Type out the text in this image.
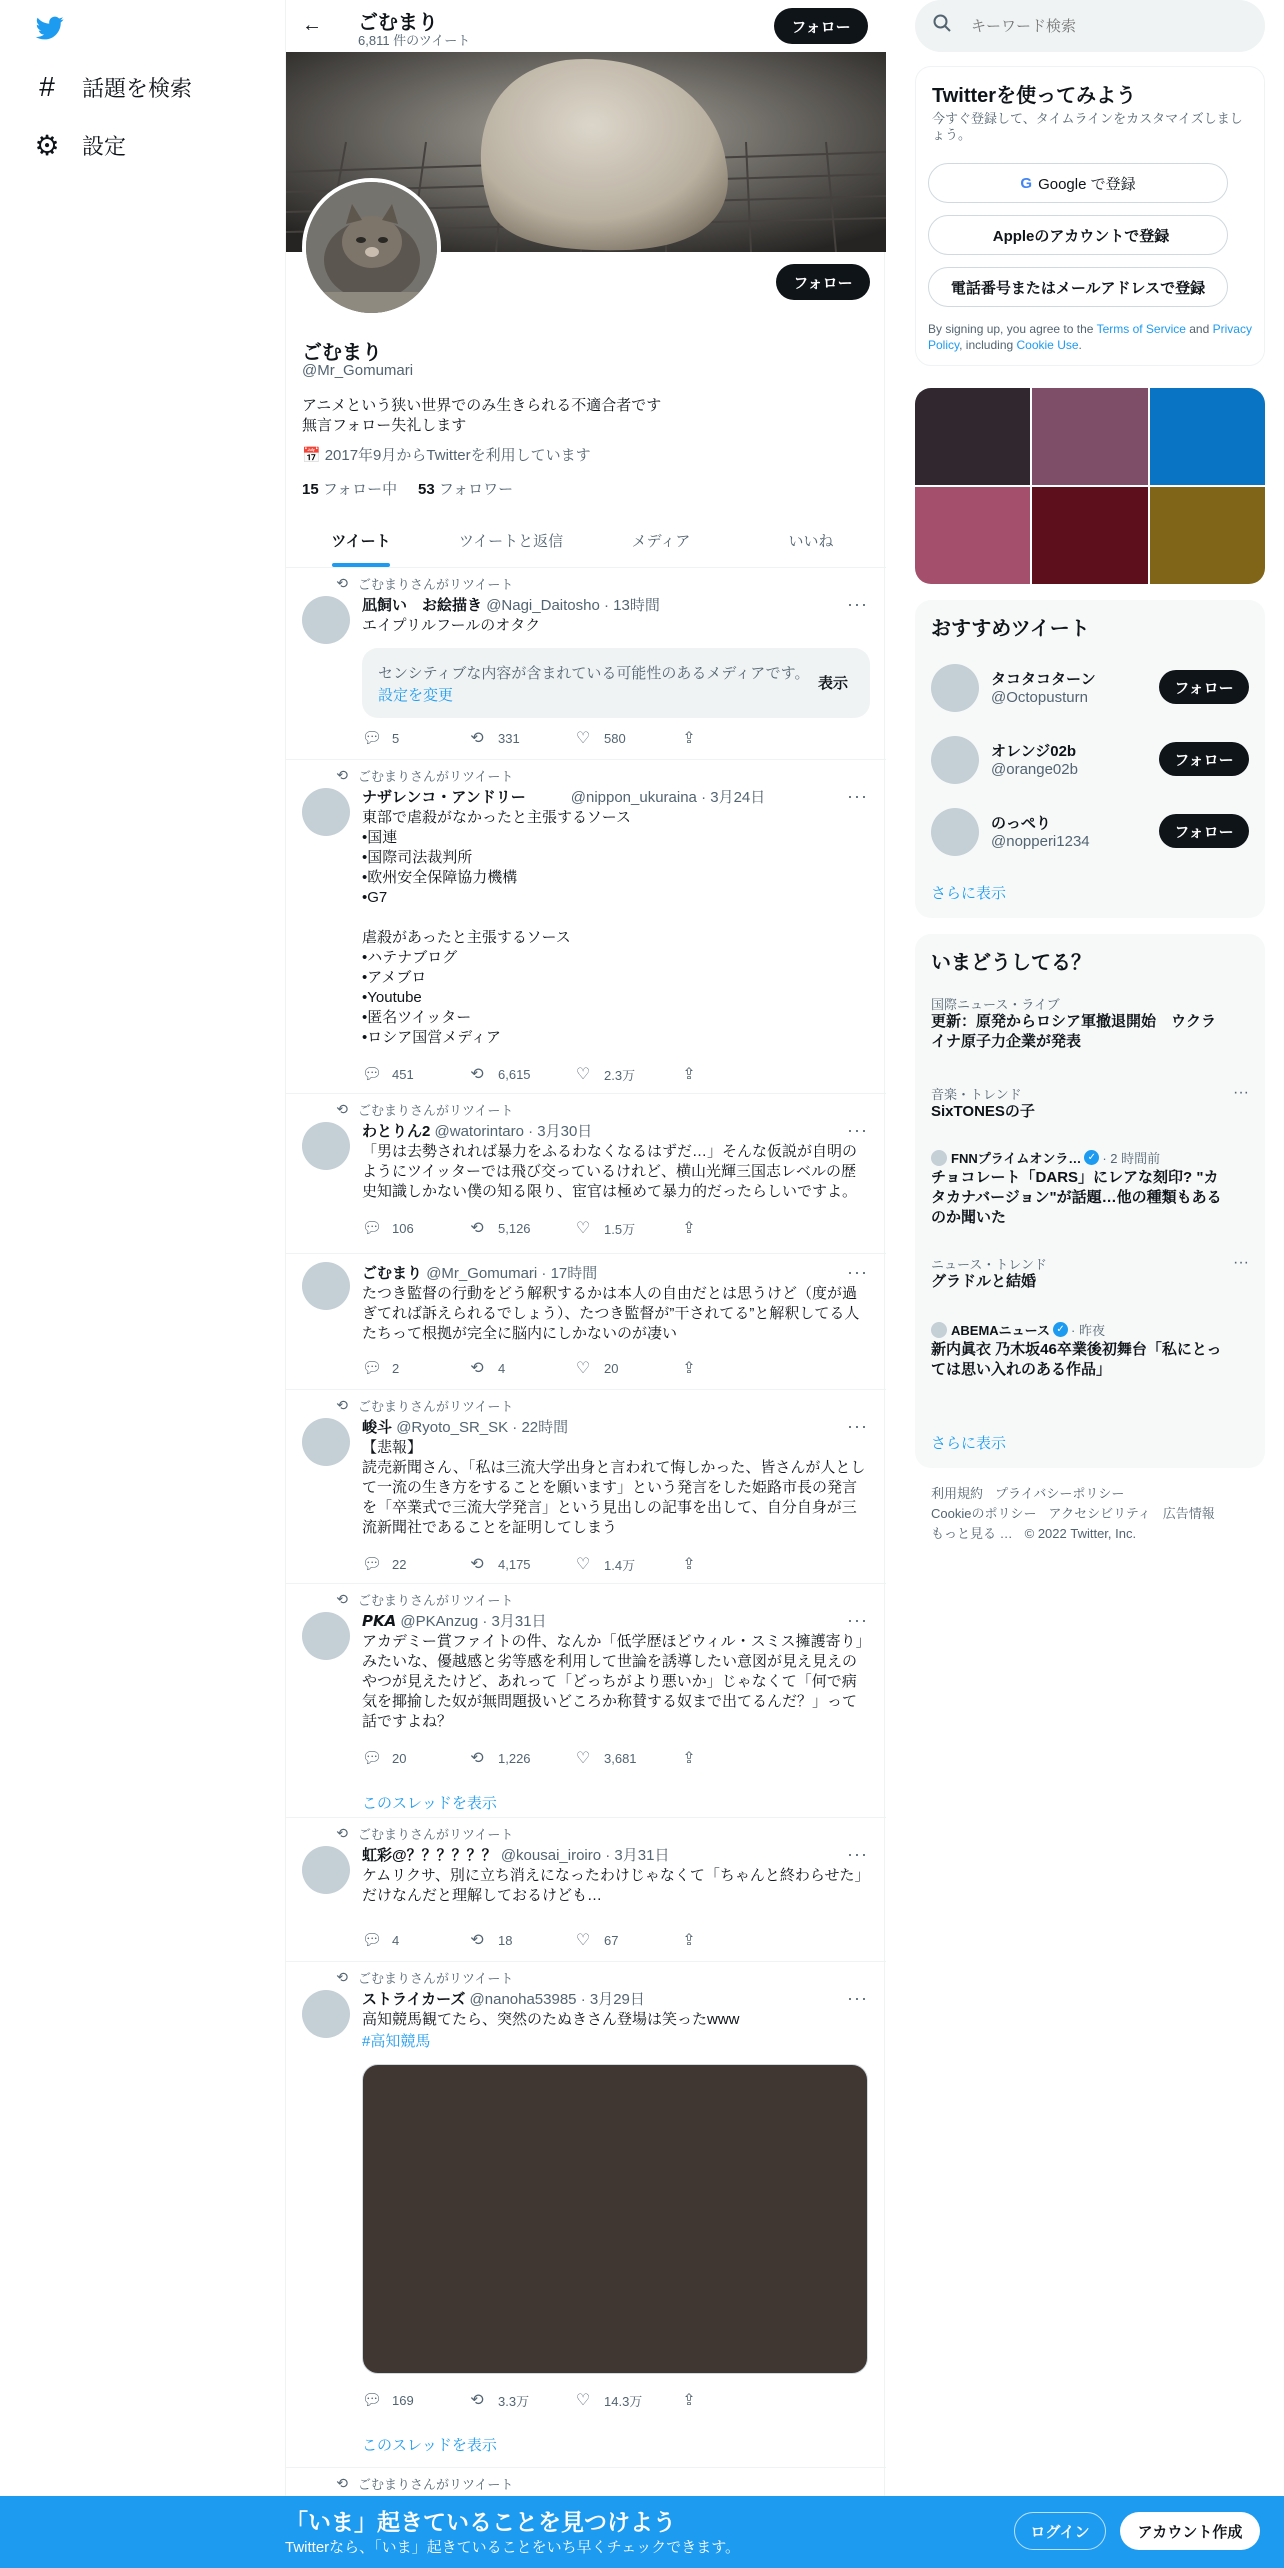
# 話題を検索
⚙ 設定
← ごむまり
6,811 件のツイート
フォロー
フォロー
ごむまり
@Mr_Gomumari
アニメという狭い世界でのみ生きられる不適合者です
無言フォロー失礼します
📅 2017年9月からTwitterを利用しています
15 フォロー中 53 フォロワー
ツイート	ツイートと返信	メディア	いいね
⟲ ごむまりさんがリツイート
凪飼い　お絵描き @Nagi_Daitosho · 13時間	···
エイプリルフールのオタク
センシティブな内容が含まれている可能性のあるメディアです。
設定を変更
表示
💬︎ 5	⟲ 331	♡ 580	⇪
⟲ ごむまりさんがリツイート
ナザレンコ・アンドリー　　　	@nippon_ukuraina · 3月24日	···
東部で虐殺がなかったと主張するソース
•国連
•国際司法裁判所
•欧州安全保障協力機構
•G7

虐殺があったと主張するソース
•ハテナブログ
•アメブロ
•Youtube
•匿名ツイッター
•ロシア国営メディア
💬︎ 451	⟲ 6,615	♡ 2.3万	⇪
⟲ ごむまりさんがリツイート
わとりん2 @watorintaro · 3月30日	···
「男は去勢されれば暴力をふるわなくなるはずだ…」そんな仮説が自明のようにツイッターでは飛び交っているけれど、横山光輝三国志レベルの歴史知識しかない僕の知る限り、宦官は極めて暴力的だったらしいですよ。
💬︎ 106	⟲ 5,126	♡ 1.5万	⇪
ごむまり @Mr_Gomumari · 17時間	···
たつき監督の行動をどう解釈するかは本人の自由だとは思うけど（度が過ぎてれば訴えられるでしょう）、たつき監督が”干されてる”と解釈してる人たちって根拠が完全に脳内にしかないのが凄い
💬︎ 2	⟲ 4	♡ 20	⇪
⟲ ごむまりさんがリツイート
峻斗 @Ryoto_SR_SK · 22時間	···
【悲報】
読売新聞さん、「私は三流大学出身と言われて悔しかった、皆さんが人として一流の生き方をすることを願います」という発言をした姫路市長の発言を「卒業式で三流大学発言」という見出しの記事を出して、自分自身が三流新聞社であることを証明してしまう
💬︎ 22	⟲ 4,175	♡ 1.4万	⇪
⟲ ごむまりさんがリツイート
𝙋𝙆𝘼 @PKAnzug · 3月31日	···
アカデミー賞ファイトの件、なんか「低学歴ほどウィル・スミス擁護寄り」みたいな、優越感と劣等感を利用して世論を誘導したい意図が見え見えのやつが見えたけど、あれって「どっちがより悪いか」じゃなくて「何で病気を揶揄した奴が無問題扱いどころか称賛する奴まで出てるんだ？」って話ですよね？
💬︎ 20	⟲ 1,226	♡ 3,681	⇪
このスレッドを表示
⟲ ごむまりさんがリツイート
虹彩@？？？？？？ @kousai_iroiro · 3月31日	···
ケムリクサ、別に立ち消えになったわけじゃなくて「ちゃんと終わらせた」だけなんだと理解しておるけども…
💬︎ 4	⟲ 18	♡ 67	⇪
⟲ ごむまりさんがリツイート
ストライカーズ @nanoha53985 · 3月29日	···
高知競馬観てたら、突然のたぬきさん登場は笑ったwww
#高知競馬
💬︎ 169	⟲ 3.3万	♡ 14.3万 ⇪
このスレッドを表示
⟲ ごむまりさんがリツイート
キーワード検索
Twitterを使ってみよう
今すぐ登録して、タイムラインをカスタマイズしましょう。
G Google で登録
Appleのアカウントで登録
電話番号またはメールアドレスで登録
By signing up, you agree to the Terms of Service and Privacy Policy, including Cookie Use.
おすすめツイート
タコタコターン
@Octopusturn
フォロー
オレンジ02b
@orange02b
フォロー
のっぺり
@nopperi1234
フォロー
さらに表示
いまどうしてる？
国際ニュース・ライブ
更新：原発からロシア軍撤退開始　ウクライナ原子力企業が発表
音楽・トレンド
SixTONESの子
···
FNNプライムオンラ… ✓ · 2 時間前
チョコレート「DARS」にレアな刻印? "カタカナバージョン"が話題…他の種類もあるのか聞いた
ニュース・トレンド
グラドルと結婚
···
ABEMAニュース ✓ · 昨夜
新内眞衣 乃木坂46卒業後初舞台「私にとっては思い入れのある作品」
さらに表示
利用規約 プライバシーポリシー
Cookieのポリシー アクセシビリティ 広告情報
もっと見る … © 2022 Twitter, Inc.
「いま」起きていることを見つけよう
Twitterなら、「いま」起きていることをいち早くチェックできます。
ログイン	アカウント作成
